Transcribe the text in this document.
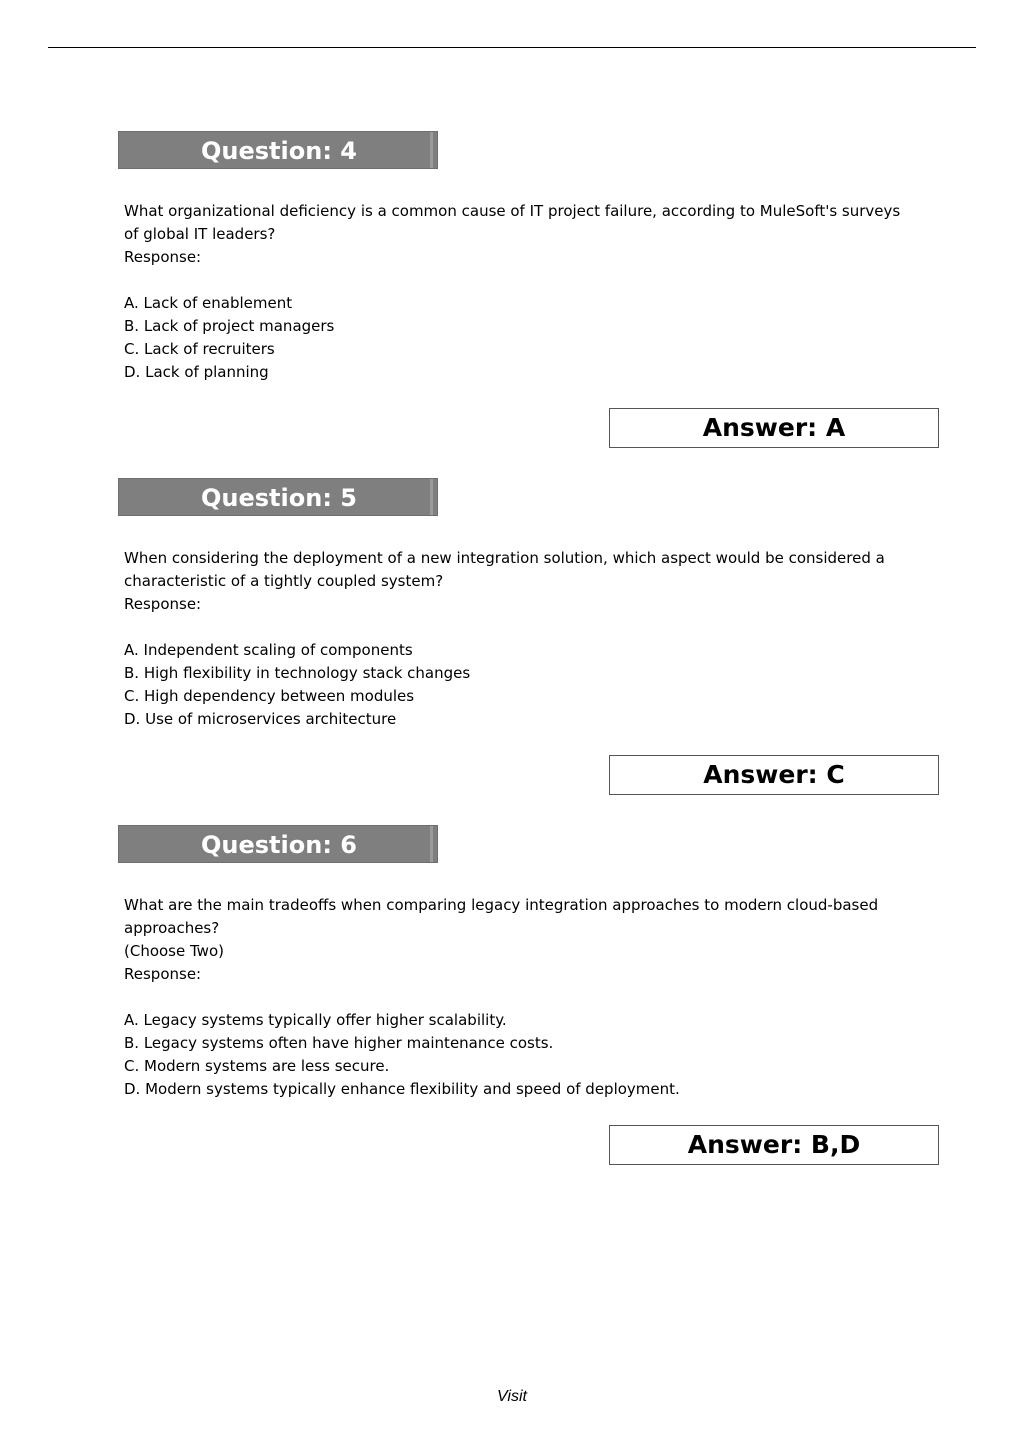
Question: 4
What organizational deficiency is a common cause of IT project failure, according to MuleSoft's surveys
of global IT leaders?
Response:
A. Lack of enablement
B. Lack of project managers
C. Lack of recruiters
D. Lack of planning
Answer: A
Question: 5
When considering the deployment of a new integration solution, which aspect would be considered a
characteristic of a tightly coupled system?
Response:
A. Independent scaling of components
B. High flexibility in technology stack changes
C. High dependency between modules
D. Use of microservices architecture
Answer: C
Question: 6
What are the main tradeoffs when comparing legacy integration approaches to modern cloud-based
approaches?
(Choose Two)
Response:
A. Legacy systems typically offer higher scalability.
B. Legacy systems often have higher maintenance costs.
C. Modern systems are less secure.
D. Modern systems typically enhance flexibility and speed of deployment.
Answer: B,D
Visit
